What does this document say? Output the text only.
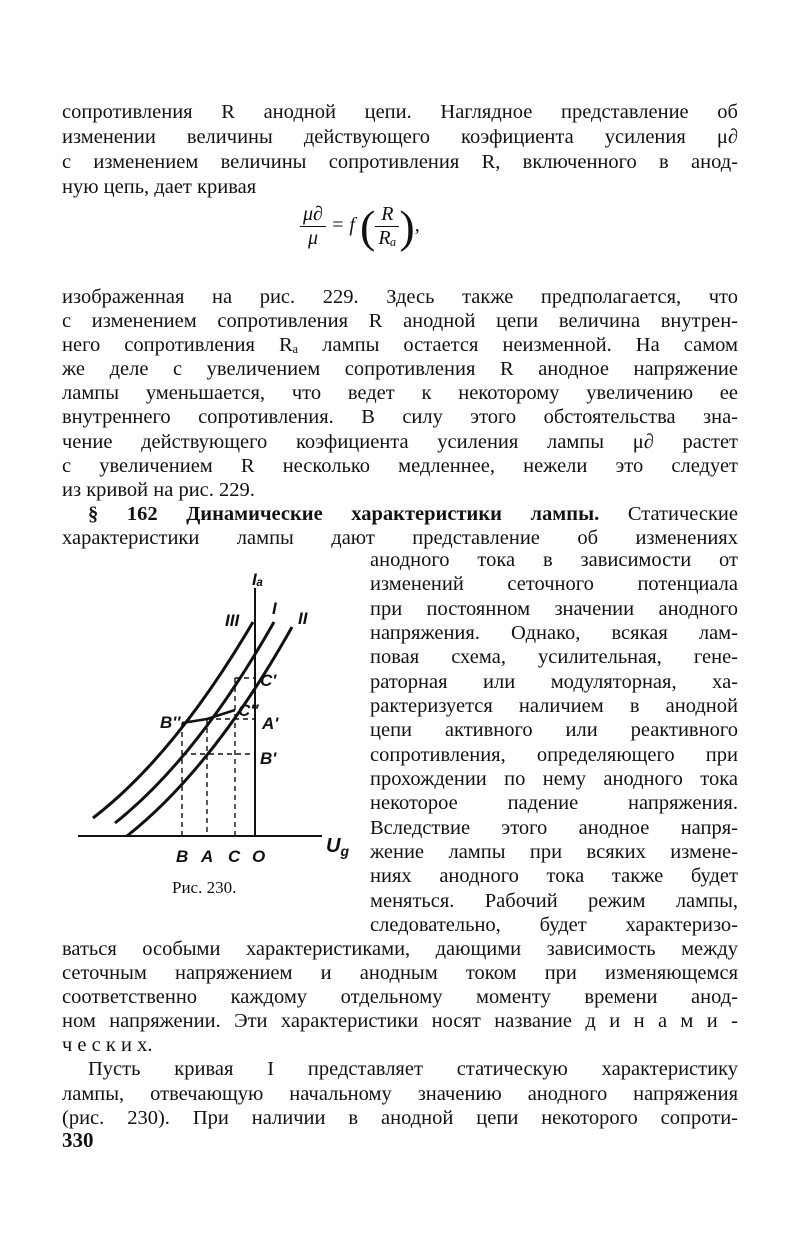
сопротивления R анодной цепи. Наглядное представление об
изменении величины действующего коэфициента усиления μ∂
с изменением величины сопротивления R, включенного в анод-
ную цепь, дает кривая
$\frac{\mu\partial}{\mu} = f$ ( $\frac{R}{\text{Rₐ}}$ ),
изображенная на рис. 229. Здесь также предполагается, что
с изменением сопротивления R анодной цепи величина внутрен-
него сопротивления Rₐ лампы остается неизменной. На самом
же деле с увеличением сопротивления R анодное напряжение
лампы уменьшается, что ведет к некоторому увеличению ее
внутреннего сопротивления. В силу этого обстоятельства зна-
чение действующего коэфициента усиления лампы μ∂ растет
с увеличением R несколько медленнее, нежели это следует
из кривой на рис. 229.
§ 162 Динамические характеристики лампы. Статические
характеристики лампы дают представление об изменениях
анодного тока в зависимости от
изменений сеточного потенциала
при постоянном значении анодного
напряжения. Однако, всякая лам-
повая схема, усилительная, гене-
раторная или модуляторная, ха-
рактеризуется наличием в анодной
цепи активного или реактивного
сопротивления, определяющего при
прохождении по нему анодного тока
некоторое падение напряжения.
Вследствие этого анодное напря-
жение лампы при всяких измене-
ниях анодного тока также будет
меняться. Рабочий режим лампы,
следовательно, будет характеризо-
Iₐ
$U_g$
III
I
II
C'
C''
A'
B'
B''
B A C O
Рис. 230.
ваться особыми характеристиками, дающими зависимость между
сеточным напряжением и анодным током при изменяющемся
соответственно каждому отдельному моменту времени анод-
ном напряжении. Эти характеристики носят название д и н а м и -
ч е с к и х.
Пусть кривая I представляет статическую характеристику
лампы, отвечающую начальному значению анодного напряжения
(рис. 230). При наличии в анодной цепи некоторого сопроти-
330
